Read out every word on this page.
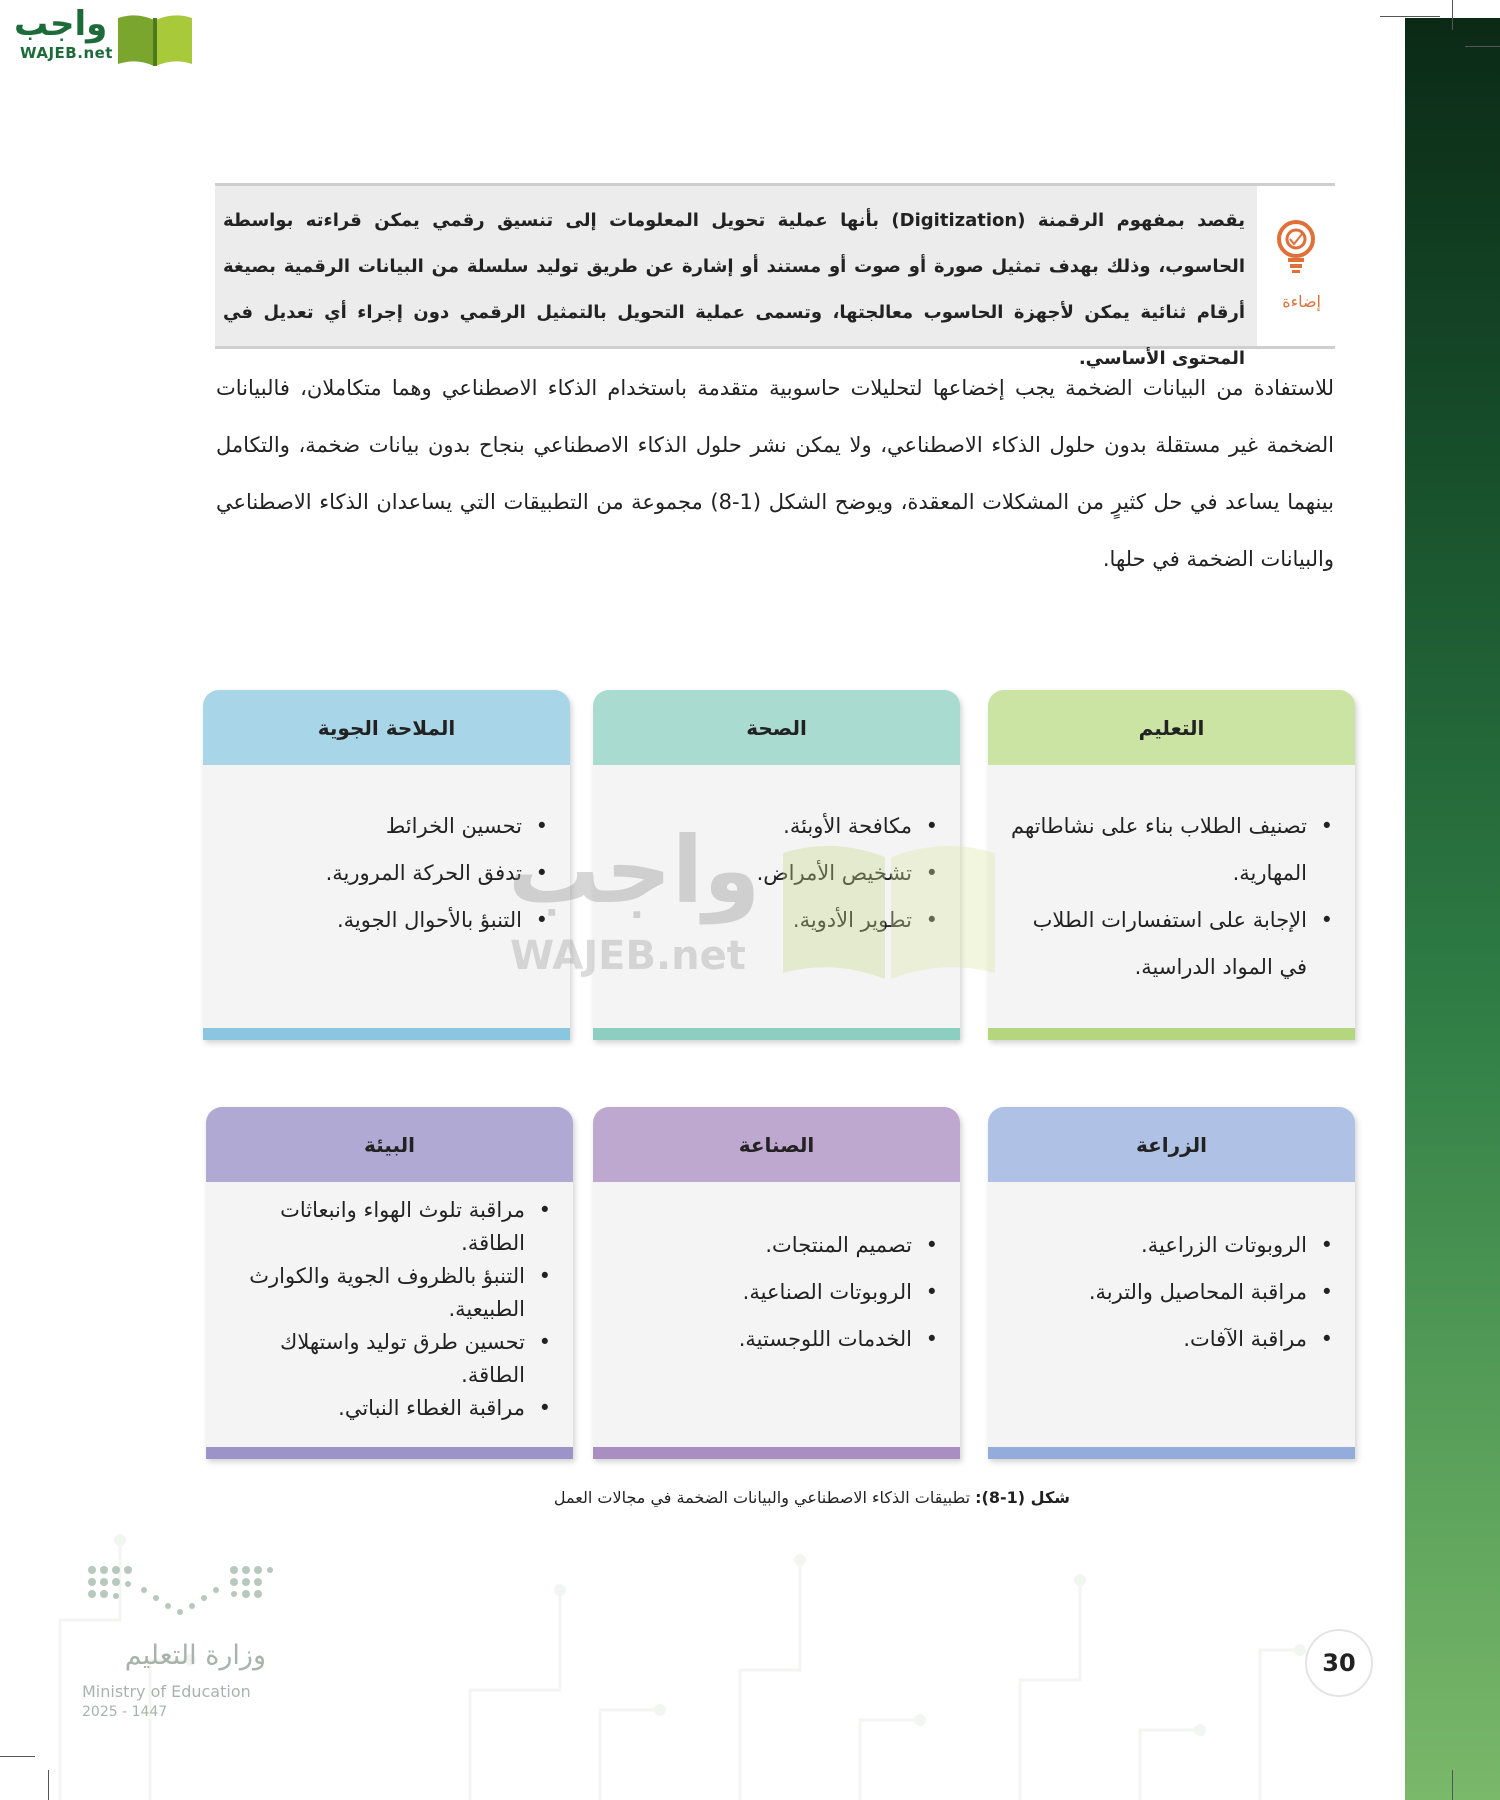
واجب
WAJEB.net
إضاءة
يقصد بمفهوم الرقمنة (Digitization) بأنها عملية تحويل المعلومات إلى تنسيق رقمي يمكن قراءته بواسطة الحاسوب، وذلك بهدف تمثيل صورة أو صوت أو مستند أو إشارة عن طريق توليد سلسلة من البيانات الرقمية بصيغة أرقام ثنائية يمكن لأجهزة الحاسوب معالجتها، وتسمى عملية التحويل بالتمثيل الرقمي دون إجراء أي تعديل في المحتوى الأساسي.
للاستفادة من البيانات الضخمة يجب إخضاعها لتحليلات حاسوبية متقدمة باستخدام الذكاء الاصطناعي وهما متكاملان، فالبيانات الضخمة غير مستقلة بدون حلول الذكاء الاصطناعي، ولا يمكن نشر حلول الذكاء الاصطناعي بنجاح بدون بيانات ضخمة، والتكامل بينهما يساعد في حل كثيرٍ من المشكلات المعقدة، ويوضح الشكل (1-8) مجموعة من التطبيقات التي يساعدان الذكاء الاصطناعي والبيانات الضخمة في حلها.
التعليم
• تصنيف الطلاب بناء على نشاطاتهم المهارية.
• الإجابة على استفسارات الطلاب في المواد الدراسية.
الصحة
• مكافحة الأوبئة.
• تشخيص الأمراض.
• تطوير الأدوية.
الملاحة الجوية
• تحسين الخرائط
• تدفق الحركة المرورية.
• التنبؤ بالأحوال الجوية.
الزراعة
• الروبوتات الزراعية.
• مراقبة المحاصيل والتربة.
• مراقبة الآفات.
الصناعة
• تصميم المنتجات.
• الروبوتات الصناعية.
• الخدمات اللوجستية.
البيئة
• مراقبة تلوث الهواء وانبعاثات الطاقة.
• التنبؤ بالظروف الجوية والكوارث الطبيعية.
• تحسين طرق توليد واستهلاك الطاقة.
• مراقبة الغطاء النباتي.
واجب
WAJEB.net
شكل (1-8): تطبيقات الذكاء الاصطناعي والبيانات الضخمة في مجالات العمل
وزارة التعليم
Ministry of Education
2025 - 1447
30
